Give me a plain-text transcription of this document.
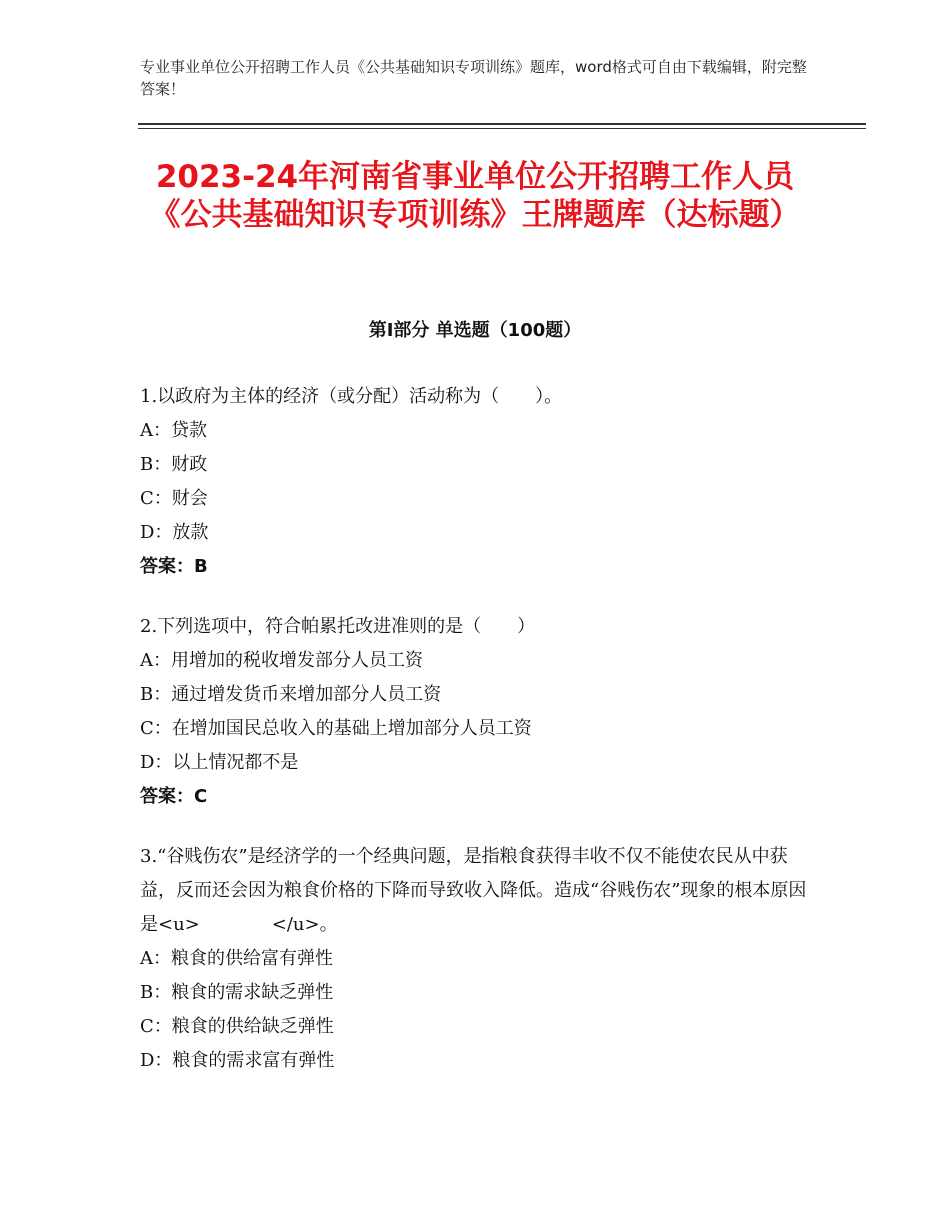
专业事业单位公开招聘工作人员《公共基础知识专项训练》题库，word格式可自由下载编辑，附完整答案！
2023-24年河南省事业单位公开招聘工作人员《公共基础知识专项训练》王牌题库（达标题）
第Ⅰ部分 单选题（100题）
1.以政府为主体的经济（或分配）活动称为（　　）。
A：贷款
B：财政
C：财会
D：放款
答案：B
2.下列选项中，符合帕累托改进准则的是（　　）
A：用增加的税收增发部分人员工资
B：通过增发货币来增加部分人员工资
C：在增加国民总收入的基础上增加部分人员工资
D：以上情况都不是
答案：C
3.“谷贱伤农”是经济学的一个经典问题，是指粮食获得丰收不仅不能使农民从中获益，反而还会因为粮食价格的下降而导致收入降低。造成“谷贱伤农”现象的根本原因是<u>　　　　</u>。
A：粮食的供给富有弹性
B：粮食的需求缺乏弹性
C：粮食的供给缺乏弹性
D：粮食的需求富有弹性
